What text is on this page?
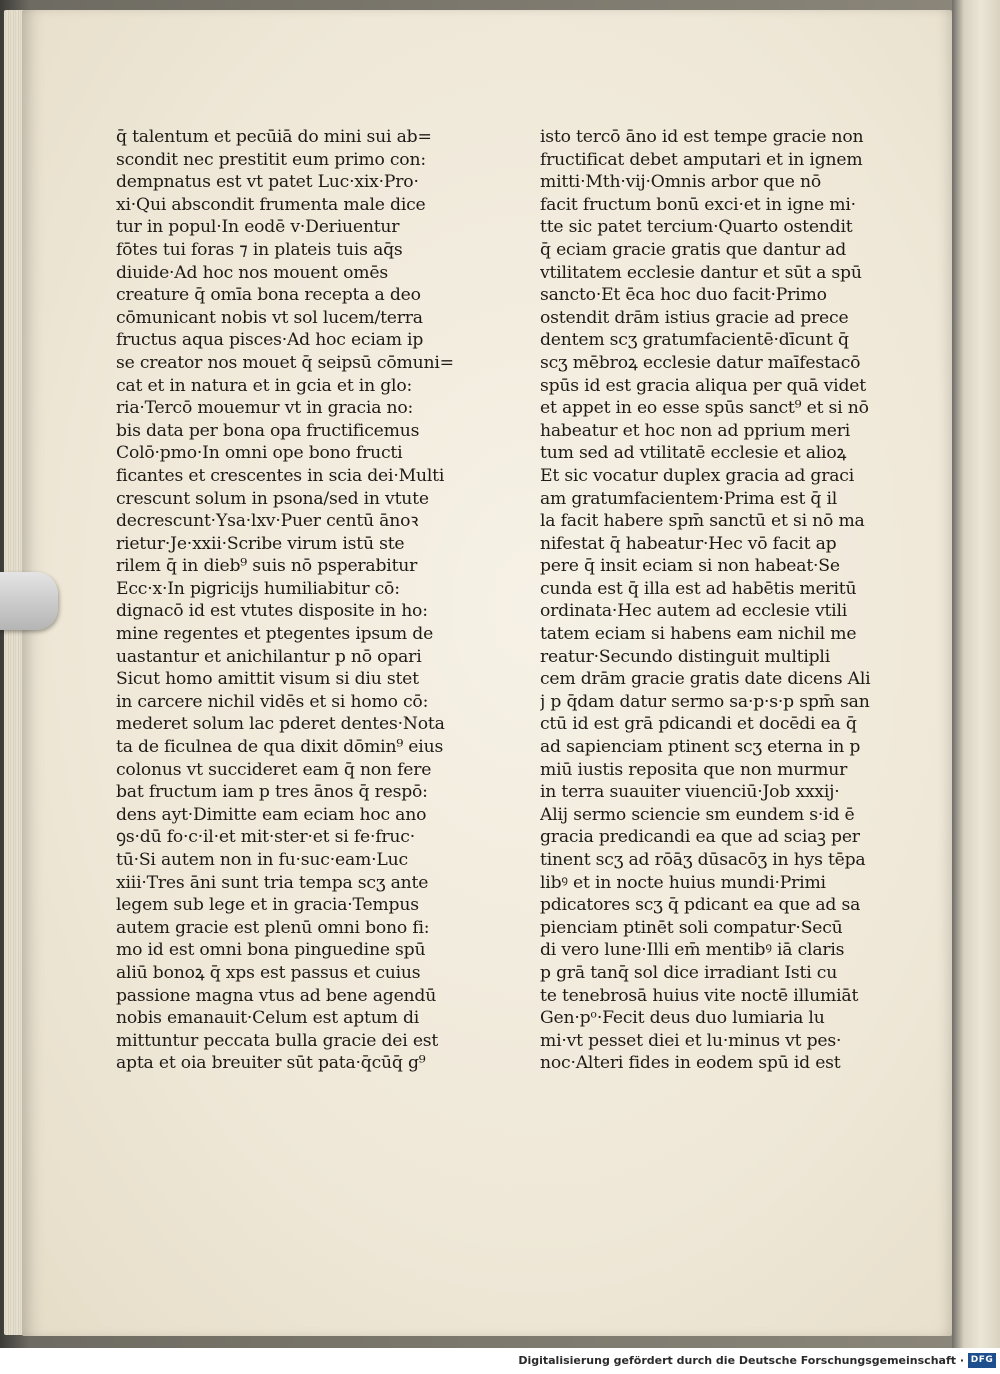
q̄ talentum et pecūiā do mini sui ab=
scondit nec prestitit eum primo con:
dempnatus est vt patet Luc·xix·Pro·
xi·Qui abscondit frumenta male dice
tur in popul·In eodē v·Deriuentur
fōtes tui foras ⁊ in plateis tuis aq̄s
diuide·Ad hoc nos mouent omēs
creature q̄ omīa bona recepta a deo
cōmunicant nobis vt sol lucem/terra
fructus aqua pisces·Ad hoc eciam ip
se creator nos mouet q̄ seipsū cōmuni=
cat et in natura et in gcia et in glo:
ria·Tercō mouemur vt in gracia no:
bis data per bona opa fructificemus
Colō·pmo·In omni ope bono fructi
ficantes et crescentes in scia dei·Multi
crescunt solum in psona/sed in vtute
decrescunt·Ysa·lxv·Puer centū ānoꝛ
rietur·Je·xxii·Scribe virum istū ste
rilem q̄ in dieb⁹ suis nō psperabitur
Ecc·x·In pigricijs humiliabitur cō:
dignacō id est vtutes disposite in ho:
mine regentes et ptegentes ipsum de
uastantur et anichilantur p nō opari
Sicut homo amittit visum si diu stet
in carcere nichil vidēs et si homo cō:
mederet solum lac pderet dentes·Nota
ta de ficulnea de qua dixit dōmin⁹ eius
colonus vt succideret eam q̄ non fere
bat fructum iam p tres ānos q̄ respō:
dens ayt·Dimitte eam eciam hoc ano
ꝯs·dū fo·c·il·et mit·ster·et si fe·fruc·
tū·Si autem non in fu·suc·eam·Luc
xiii·Tres āni sunt tria tempa scʒ ante
legem sub lege et in gracia·Tempus
autem gracie est plenū omni bono fi:
mo id est omni bona pinguedine spū
aliū bonoꝝ q̄ xps est passus et cuius
passione magna vtus ad bene agendū
nobis emanauit·Celum est aptum di
mittuntur peccata bulla gracie dei est
apta et oia breuiter sūt pata·q̄cūq̄ g⁹
isto tercō āno id est tempe gracie non
fructificat debet amputari et in ignem
mitti·Mth·vij·Omnis arbor que nō
facit fructum bonū exci·et in igne mi·
tte sic patet tercium·Quarto ostendit
q̄ eciam gracie gratis que dantur ad
vtilitatem ecclesie dantur et sūt a spū
sancto·Et ēca hoc duo facit·Primo
ostendit drām istius gracie ad prece
dentem scʒ gratumfacientē·dīcunt q̄
scʒ mēbroꝝ ecclesie datur maīfestacō
spūs id est gracia aliqua per quā videt
et appet in eo esse spūs sanct⁹ et si nō
habeatur et hoc non ad pprium meri
tum sed ad vtilitatē ecclesie et alioꝝ
Et sic vocatur duplex gracia ad graci
am gratumfacientem·Prima est q̄ il
la facit habere spm̄ sanctū et si nō ma
nifestat q̄ habeatur·Hec vō facit ap
pere q̄ insit eciam si non habeat·Se
cunda est q̄ illa est ad habētis meritū
ordinata·Hec autem ad ecclesie vtili
tatem eciam si habens eam nichil me
reatur·Secundo distinguit multipli
cem drām gracie gratis date dicens Ali
j p q̄dam datur sermo sa·p·s·p spm̄ san
ctū id est grā pdicandi et docēdi ea q̄
ad sapienciam ptinent scʒ eterna in p
miū iustis reposita que non murmur
in terra suauiter viuenciū·Job xxxij·
Alij sermo sciencie sm eundem s·id ē
gracia predicandi ea que ad sciaꝫ per
tinent scʒ ad rōāʒ dūsacōʒ in hys tēpa
libꝰ et in nocte huius mundi·Primi
pdicatores scʒ q̄ pdicant ea que ad sa
pienciam ptinēt soli compatur·Secū
di vero lune·Illi em̄ mentibꝰ iā claris
p grā tanq̄ sol dice irradiant Isti cu
te tenebrosā huius vite noctē illumiāt
Gen·pᵒ·Fecit deus duo lumiaria lu
mi·vt pesset diei et lu·minus vt pes·
noc·Alteri fides in eodem spū id est
Digitalisierung gefördert durch die Deutsche Forschungsgemeinschaft · DFG
